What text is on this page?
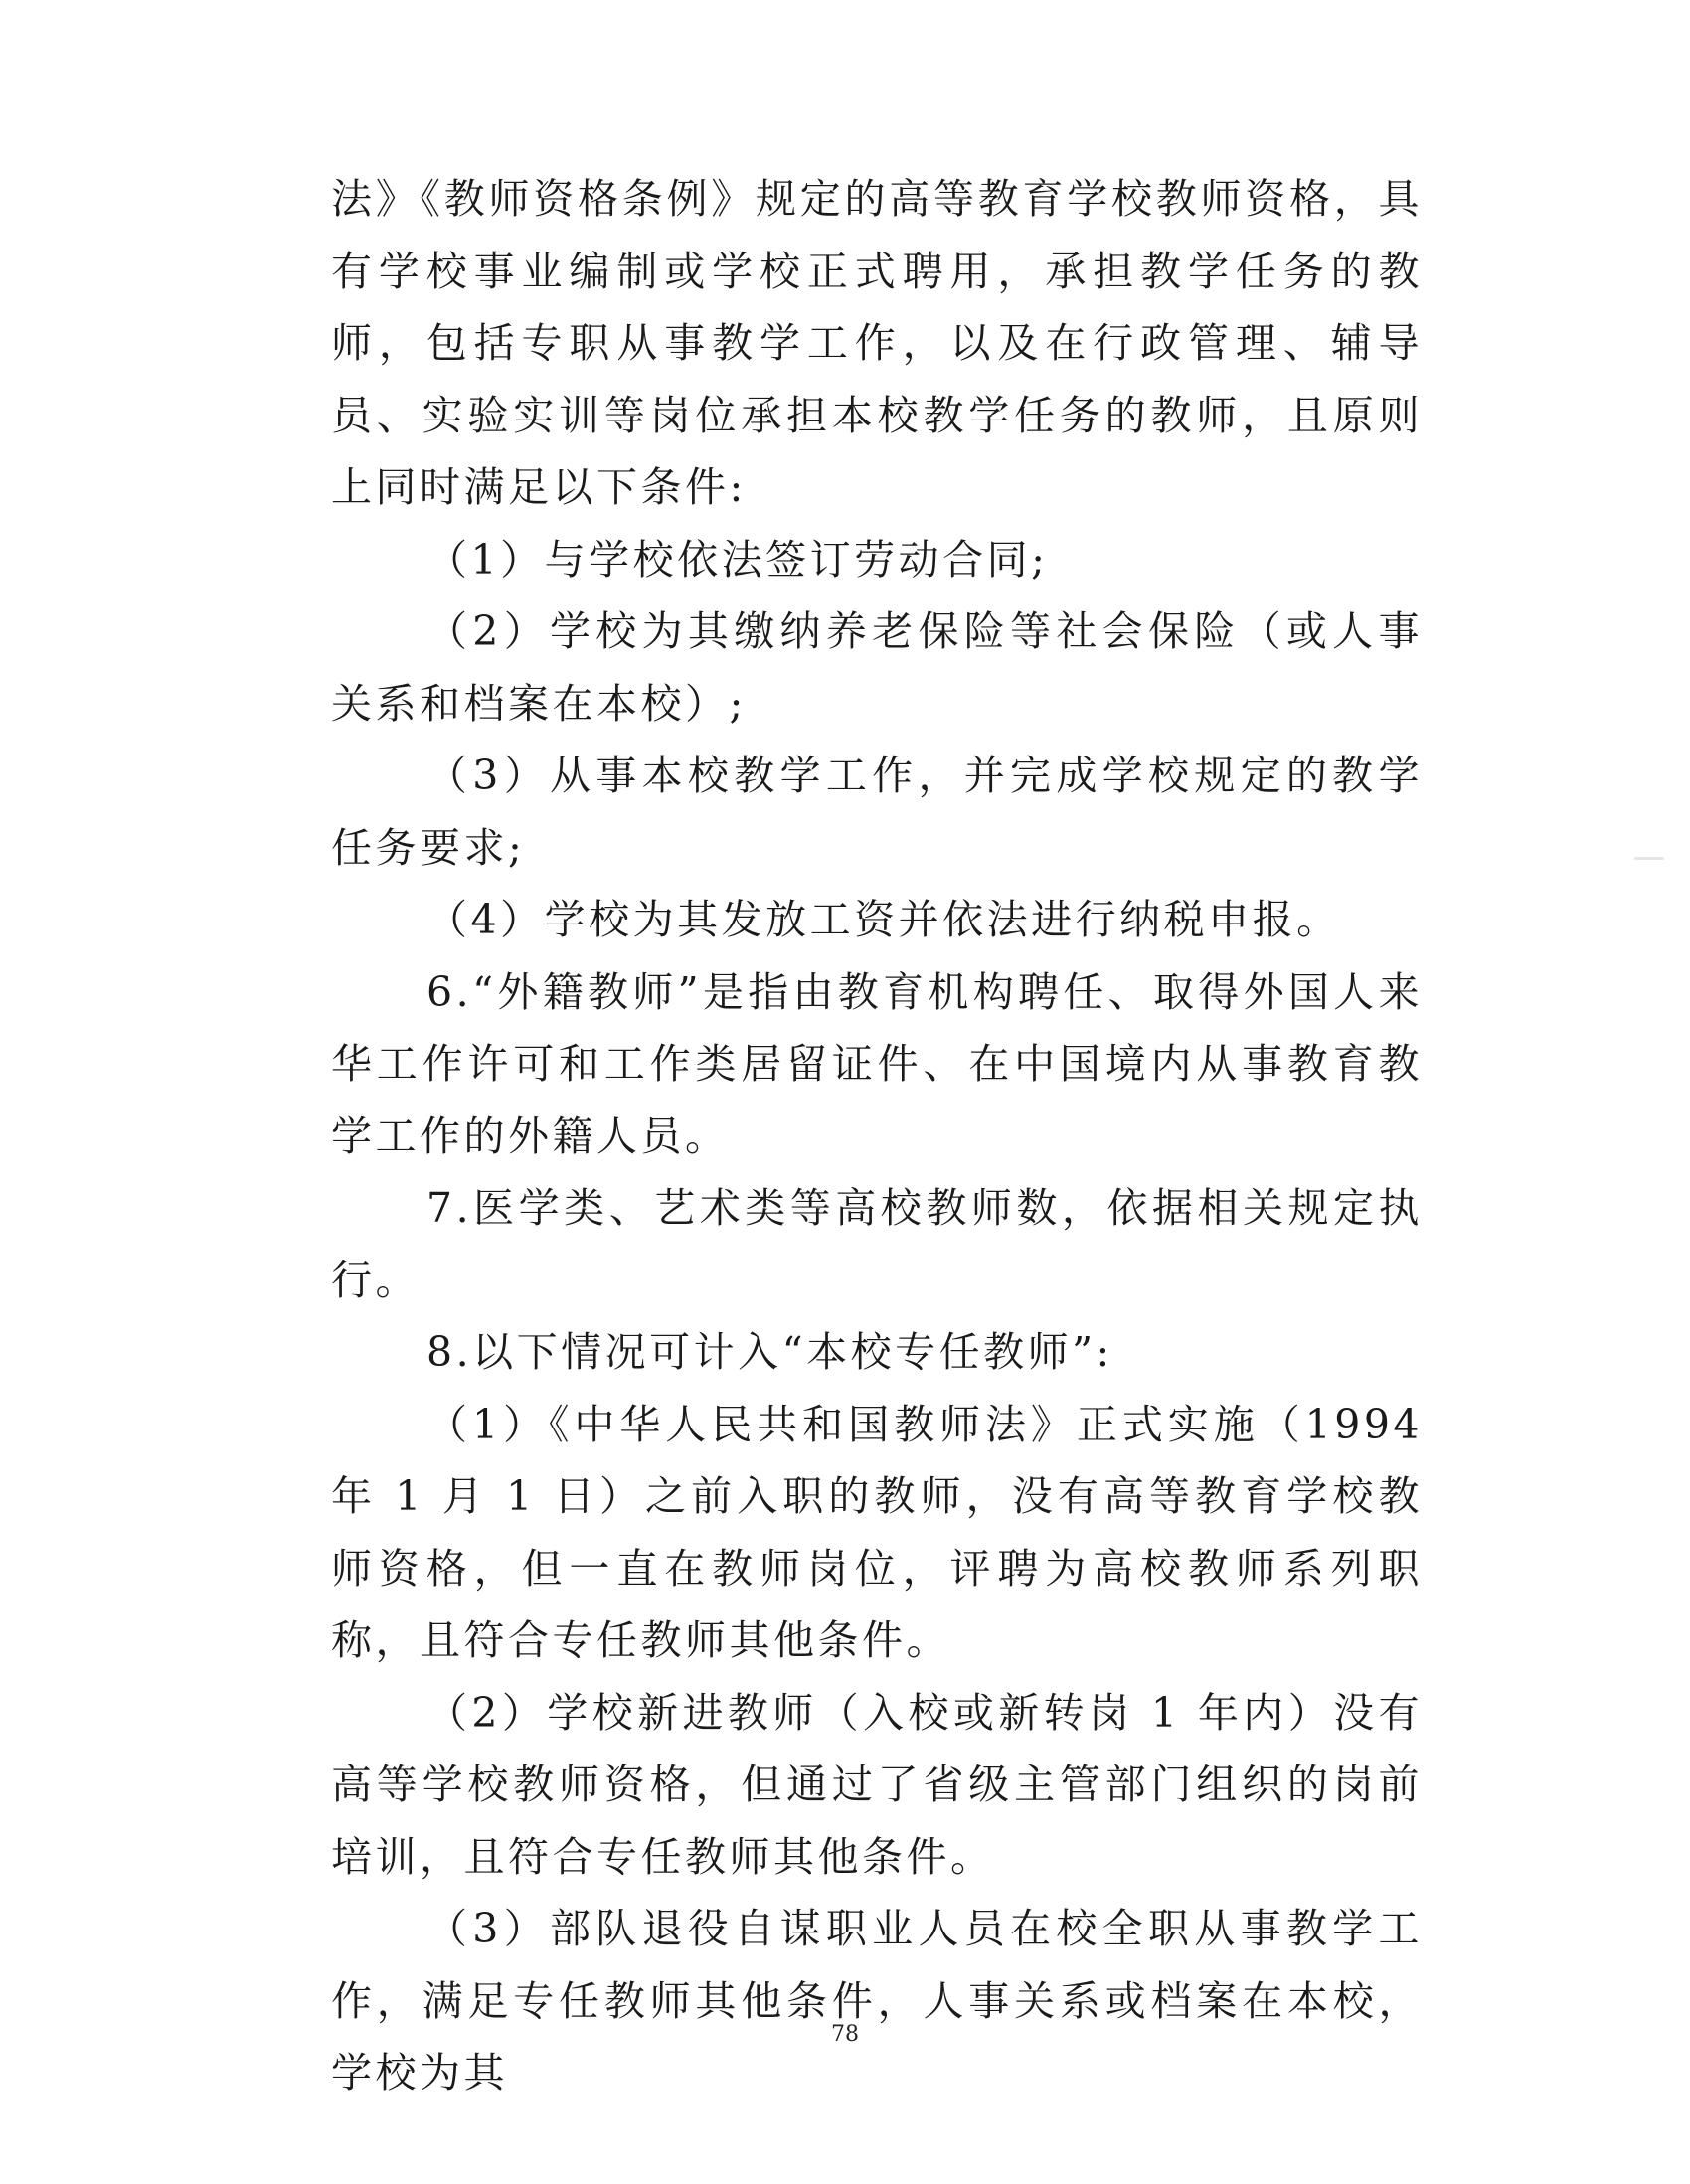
法》《教师资格条例》规定的高等教育学校教师资格，具有学校事业编制或学校正式聘用，承担教学任务的教师，包括专职从事教学工作，以及在行政管理、辅导员、实验实训等岗位承担本校教学任务的教师，且原则上同时满足以下条件:

（1）与学校依法签订劳动合同;

（2）学校为其缴纳养老保险等社会保险（或人事关系和档案在本校）;

（3）从事本校教学工作，并完成学校规定的教学任务要求;

（4）学校为其发放工资并依法进行纳税申报。

6.“外籍教师”是指由教育机构聘任、取得外国人来华工作许可和工作类居留证件、在中国境内从事教育教学工作的外籍人员。

7.医学类、艺术类等高校教师数，依据相关规定执行。

8.以下情况可计入“本校专任教师”:

（1）《中华人民共和国教师法》正式实施（1994 年 1 月 1 日）之前入职的教师，没有高等教育学校教师资格，但一直在教师岗位，评聘为高校教师系列职称，且符合专任教师其他条件。

（2）学校新进教师（入校或新转岗 1 年内）没有高等学校教师资格，但通过了省级主管部门组织的岗前培训，且符合专任教师其他条件。

（3）部队退役自谋职业人员在校全职从事教学工作，满足专任教师其他条件，人事关系或档案在本校，学校为其

78
